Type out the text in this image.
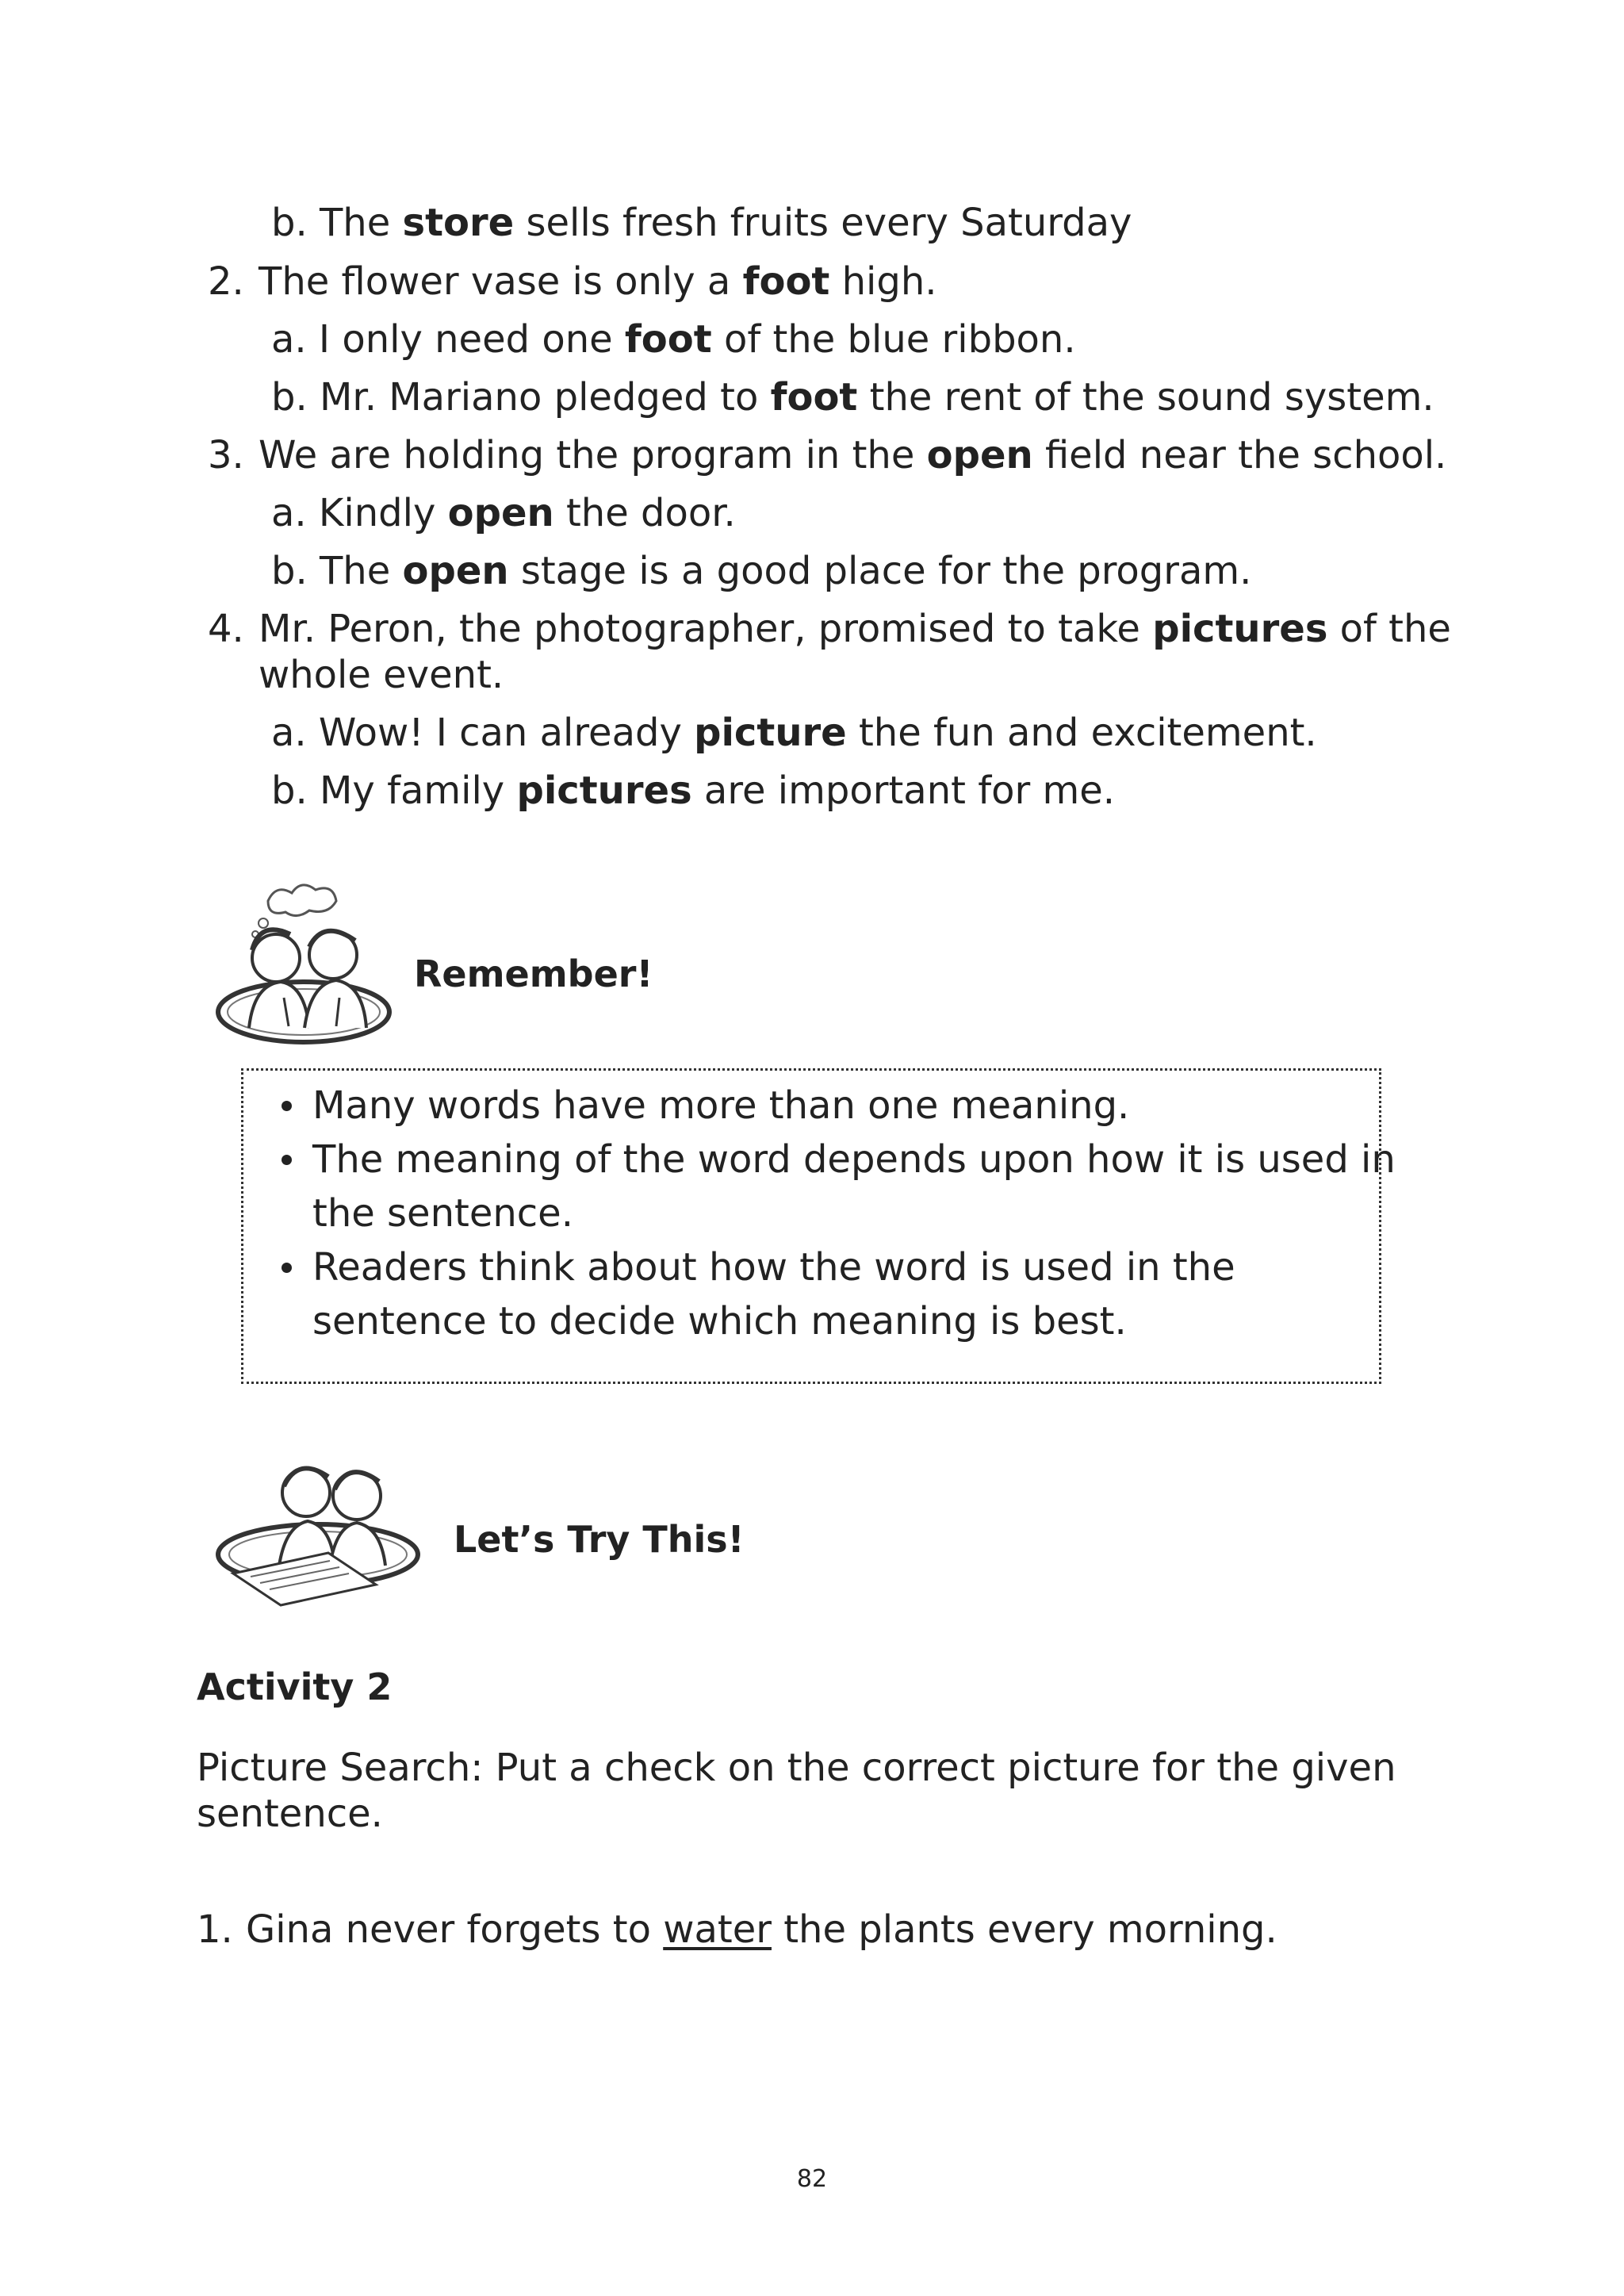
b. The store sells fresh fruits every Saturday
2. The flower vase is only a foot high.
a. I only need one foot of the blue ribbon.
b. Mr. Mariano pledged to foot the rent of the sound system.
3. We are holding the program in the open field near the school.
a. Kindly open the door.
b. The open stage is a good place for the program.
4. Mr. Peron, the photographer, promised to take pictures of the
whole event.
a. Wow! I can already picture the fun and excitement.
b. My family pictures are important for me.
Remember!
Many words have more than one meaning.
The meaning of the word depends upon how it is used in
the sentence.
Readers think about how the word is used in the
sentence to decide which meaning is best.
Let’s Try This!
Activity 2
Picture Search: Put a check on the correct picture for the given
sentence.
1. Gina never forgets to water the plants every morning.
82
